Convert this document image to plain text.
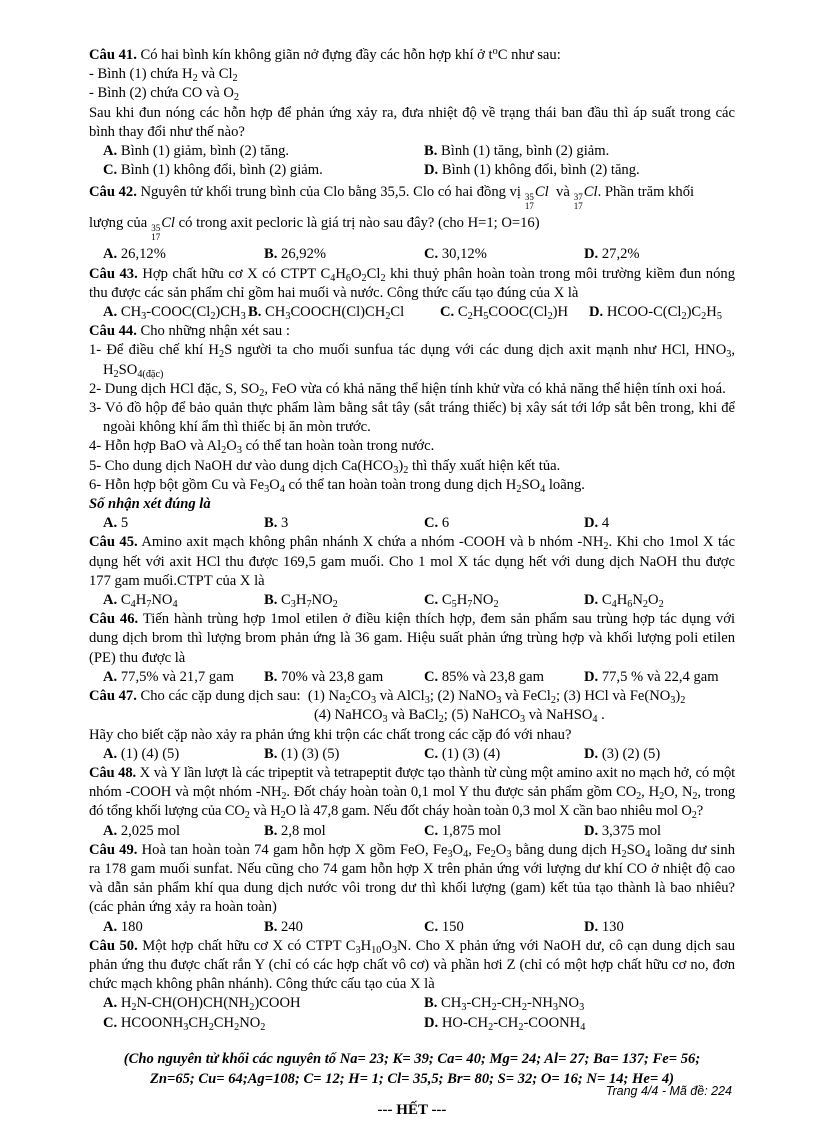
Câu 41. Có hai bình kín không giãn nở đựng đầy các hỗn hợp khí ở $t^oC$ như sau:
- Bình (1) chứa $H_2$ và $Cl_2$
- Bình (2) chứa CO và $O_2$
Sau khi đun nóng các hỗn hợp để phản ứng xảy ra, đưa nhiệt độ về trạng thái ban đầu thì áp suất trong các bình thay đổi như thế nào?
A. Bình (1) giảm, bình (2) tăng.	B. Bình (1) tăng, bình (2) giảm.
C. Bình (1) không đổi, bình (2) giảm.	D. Bình (1) không đổi, bình (2) tăng.
Câu 42. Nguyên tử khối trung bình của Clo bằng 35,5. Clo có hai đồng vị 35
17
Cl và 37
17
Cl. Phần trăm khối
lượng của 35
17
Cl có trong axit pecloric là giá trị nào sau đây? (cho H=1; O=16)
A. 26,12%	B. 26,92%	C. 30,12%	D. 27,2%
Câu 43. Hợp chất hữu cơ X có CTPT $C_4H_6O_2Cl_2$ khi thuỷ phân hoàn toàn trong môi trường kiềm đun nóng thu được các sản phẩm chỉ gồm hai muối và nước. Công thức cấu tạo đúng của X là
A. $CH_3-COOC(Cl_2)CH_3$ B. $CH_3COOCH(Cl)CH_2Cl$	C. $C_2H_5COOC(Cl_2)H$	D. HCOO-$C(Cl_2)C_2H_5$
Câu 44. Cho những nhận xét sau :
1- Để điều chế khí $H_2S$ người ta cho muối sunfua tác dụng với các dung dịch axit mạnh như HCl, $HNO_3$, $H_2SO_{4(đặc)}$
2- Dung dịch HCl đặc, S, $SO_2$, FeO vừa có khả năng thể hiện tính khử vừa có khả năng thể hiện tính oxi hoá.
3- Vỏ đồ hộp để bảo quản thực phẩm làm bằng sắt tây (sắt tráng thiếc) bị xây sát tới lớp sắt bên trong, khi để ngoài không khí ẩm thì thiếc bị ăn mòn trước.
4- Hỗn hợp BaO và $Al_2O_3$ có thể tan hoàn toàn trong nước.
5- Cho dung dịch NaOH dư vào dung dịch $Ca(HCO_3)_2$ thì thấy xuất hiện kết tủa.
6- Hỗn hợp bột gồm Cu và $Fe_3O_4$ có thể tan hoàn toàn trong dung dịch $H_2SO_4$ loãng.
Số nhận xét đúng là
A. 5	B. 3	C. 6	D. 4
Câu 45. Amino axit mạch không phân nhánh X chứa a nhóm -COOH và b nhóm $-NH_2$. Khi cho 1mol X tác dụng hết với axit HCl thu được 169,5 gam muối. Cho 1 mol X tác dụng hết với dung dịch NaOH thu được 177 gam muối.CTPT của X là
A. $C_4H_7NO_4$	B. $C_3H_7NO_2$	C. $C_5H_7NO_2$	D. $C_4H_6N_2O_2$
Câu 46. Tiến hành trùng hợp 1mol etilen ở điều kiện thích hợp, đem sản phẩm sau trùng hợp tác dụng với dung dịch brom thì lượng brom phản ứng là 36 gam. Hiệu suất phản ứng trùng hợp và khối lượng poli etilen (PE) thu được là
A. 77,5% và 21,7 gam	B. 70% và 23,8 gam	C. 85% và 23,8 gam	D. 77,5 % và 22,4 gam
Câu 47. Cho các cặp dung dịch sau: (1) $Na_2CO_3$ và AlCl$_3$; (2) NaNO$_3$ và FeCl$_2$; (3) HCl và $Fe(NO_3)_2$
(4) NaHCO$_3$ và BaCl$_2$; (5) NaHCO$_3$ và NaHSO$_4$ .
Hãy cho biết cặp nào xảy ra phản ứng khi trộn các chất trong các cặp đó với nhau?
A. (1) (4) (5)	B. (1) (3) (5)	C. (1) (3) (4)	D. (3) (2) (5)
Câu 48. X và Y lần lượt là các tripeptit và tetrapeptit được tạo thành từ cùng một amino axit no mạch hở, có một nhóm -COOH và một nhóm $-NH_2$. Đốt cháy hoàn toàn 0,1 mol Y thu được sản phẩm gồm $CO_2$, $H_2O$, $N_2$, trong đó tổng khối lượng của $CO_2$ và $H_2O$ là 47,8 gam. Nếu đốt cháy hoàn toàn 0,3 mol X cần bao nhiêu mol $O_2$?
A. 2,025 mol	B. 2,8 mol	C. 1,875 mol	D. 3,375 mol
Câu 49. Hoà tan hoàn toàn 74 gam hỗn hợp X gồm FeO, $Fe_3O_4$, $Fe_2O_3$ bằng dung dịch $H_2SO_4$ loãng dư sinh ra 178 gam muối sunfat. Nếu cũng cho 74 gam hỗn hợp X trên phản ứng với lượng dư khí CO ở nhiệt độ cao và dẫn sản phẩm khí qua dung dịch nước vôi trong dư thì khối lượng (gam) kết tủa tạo thành là bao nhiêu? (các phản ứng xảy ra hoàn toàn)
A. 180	B. 240	C. 150	D. 130
Câu 50. Một hợp chất hữu cơ X có CTPT $C_3H_{10}O_3N$. Cho X phản ứng với NaOH dư, cô cạn dung dịch sau phản ứng thu được chất rắn Y (chỉ có các hợp chất vô cơ) và phần hơi Z (chỉ có một hợp chất hữu cơ no, đơn chức mạch không phân nhánh). Công thức cấu tạo của X là
A. $H_2N-CH(OH)CH(NH_2)COOH$	B. $CH_3-CH_2-CH_2-NH_3NO_3$
C. $HCOONH_3CH_2CH_2NO_2$	D. $HO-CH_2-CH_2-COONH_4$
(Cho nguyên tử khối các nguyên tố Na= 23; K= 39; Ca= 40; Mg= 24; Al= 27; Ba= 137; Fe= 56;
Zn=65; Cu= 64;Ag=108; C= 12; H= 1; Cl= 35,5; Br= 80; S= 32; O= 16; N= 14; He= 4)
--- HẾT ---
Trang 4/4 - Mã đề: 224
